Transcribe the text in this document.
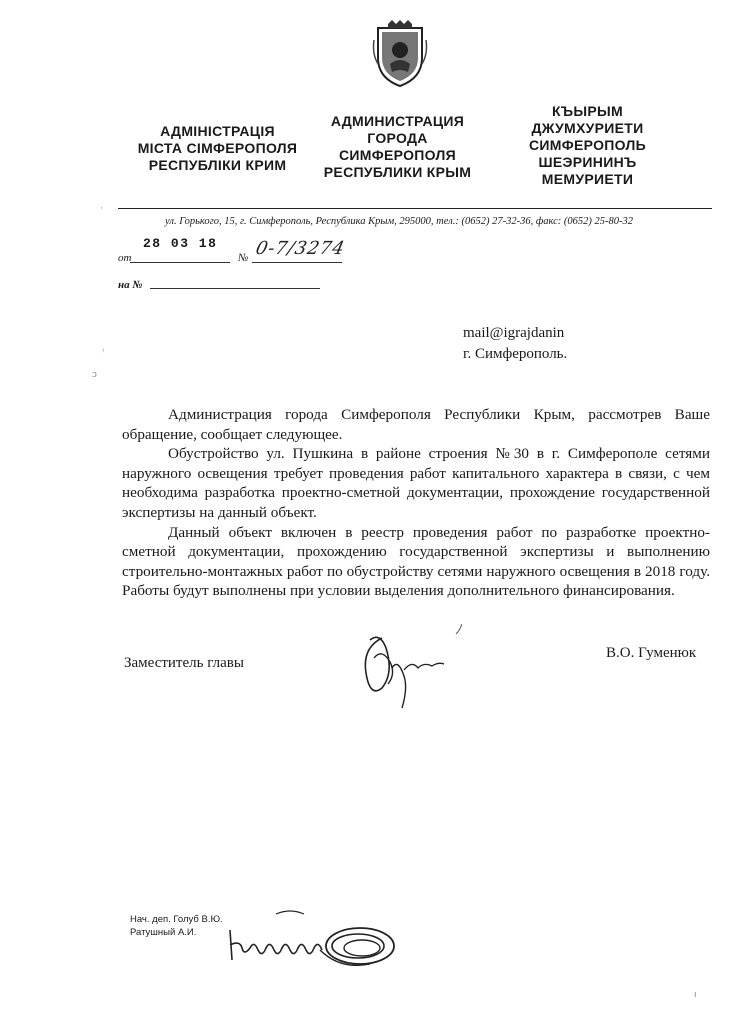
АДМІНІСТРАЦІЯ
МІСТА СІМФЕРОПОЛЯ
РЕСПУБЛІКИ КРИМ
АДМИНИСТРАЦИЯ
ГОРОДА
СИМФЕРОПОЛЯ
РЕСПУБЛИКИ КРЫМ
КЪЫРЫМ
ДЖУМХУРИЕТИ
СИМФЕРОПОЛЬ
ШЕЭРИНИНЪ
МЕМУРИЕТИ
ул. Горького, 15, г. Симферополь, Республика Крым, 295000, тел.: (0652) 27-32-36, факс: (0652) 25-80-32
28 03 18
от	№ 0-7/3274
на №
·
ꜝ
ɔ
mail@igrajdanin
г. Симферополь.

Администрация города Симферополя Республики Крым, рассмотрев Ваше обращение, сообщает следующее.

Обустройство ул. Пушкина в районе строения №30 в г. Симферополе сетями наружного освещения требует проведения работ капитального характера в связи, с чем необходима разработка проектно-сметной документации, прохождение государственной экспертизы на данный объект.

Данный объект включен в реестр проведения работ по разработке проектно-сметной документации, прохождению государственной экспертизы и выполнению строительно-монтажных работ по обустройству сетями наружного освещения в 2018 году. Работы будут выполнены при условии выделения дополнительного финансирования.

Заместитель главы
В.О. Гуменюк
Нач. деп. Голуб В.Ю.
Ратушный А.И.
ı
